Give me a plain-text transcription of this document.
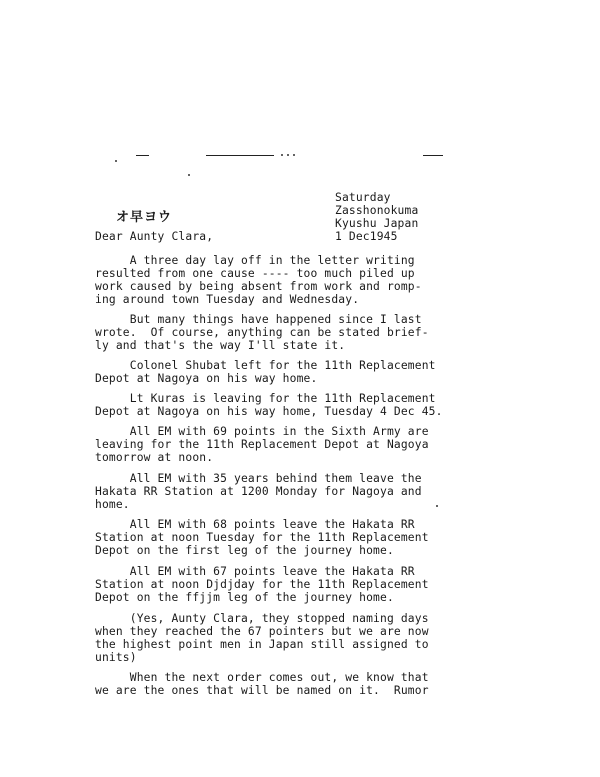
Saturday
Zasshonokuma
Kyushu Japan
1 Dec1945
オ早ヨウ
Dear Aunty Clara,
A three day lay off in the letter writing
resulted from one cause ---- too much piled up
work caused by being absent from work and romp-
ing around town Tuesday and Wednesday.
But many things have happened since I last
wrote.  Of course, anything can be stated brief-
ly and that's the way I'll state it.
Colonel Shubat left for the 11th Replacement
Depot at Nagoya on his way home.
Lt Kuras is leaving for the 11th Replacement
Depot at Nagoya on his way home, Tuesday 4 Dec 45.
All EM with 69 points in the Sixth Army are
leaving for the 11th Replacement Depot at Nagoya
tomorrow at noon.
All EM with 35 years behind them leave the
Hakata RR Station at 1200 Monday for Nagoya and
home.
All EM with 68 points leave the Hakata RR
Station at noon Tuesday for the 11th Replacement
Depot on the first leg of the journey home.
All EM with 67 points leave the Hakata RR
Station at noon Djdjday for the 11th Replacement
Depot on the ffjjm leg of the journey home.
(Yes, Aunty Clara, they stopped naming days
when they reached the 67 pointers but we are now
the highest point men in Japan still assigned to
units)
When the next order comes out, we know that
we are the ones that will be named on it.  Rumor
